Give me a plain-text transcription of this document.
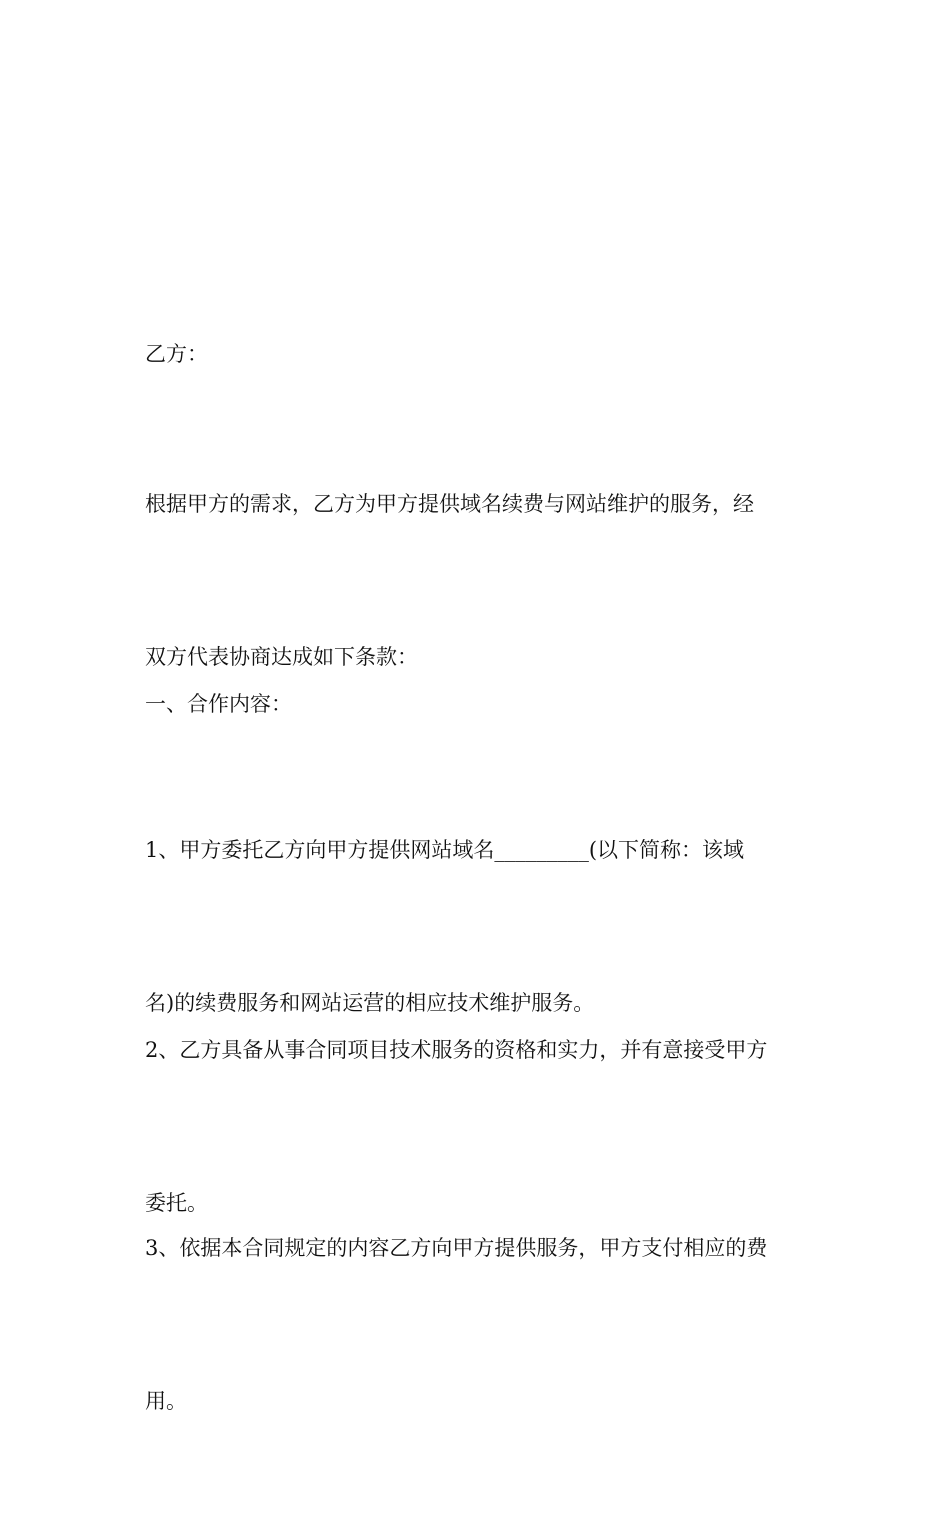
乙方：

根据甲方的需求，乙方为甲方提供域名续费与网站维护的服务，经

双方代表协商达成如下条款：

一、合作内容：

1、甲方委托乙方向甲方提供网站域名_________(以下简称：该域

名)的续费服务和网站运营的相应技术维护服务。

2、乙方具备从事合同项目技术服务的资格和实力，并有意接受甲方

委托。

3、依据本合同规定的内容乙方向甲方提供服务，甲方支付相应的费

用。
